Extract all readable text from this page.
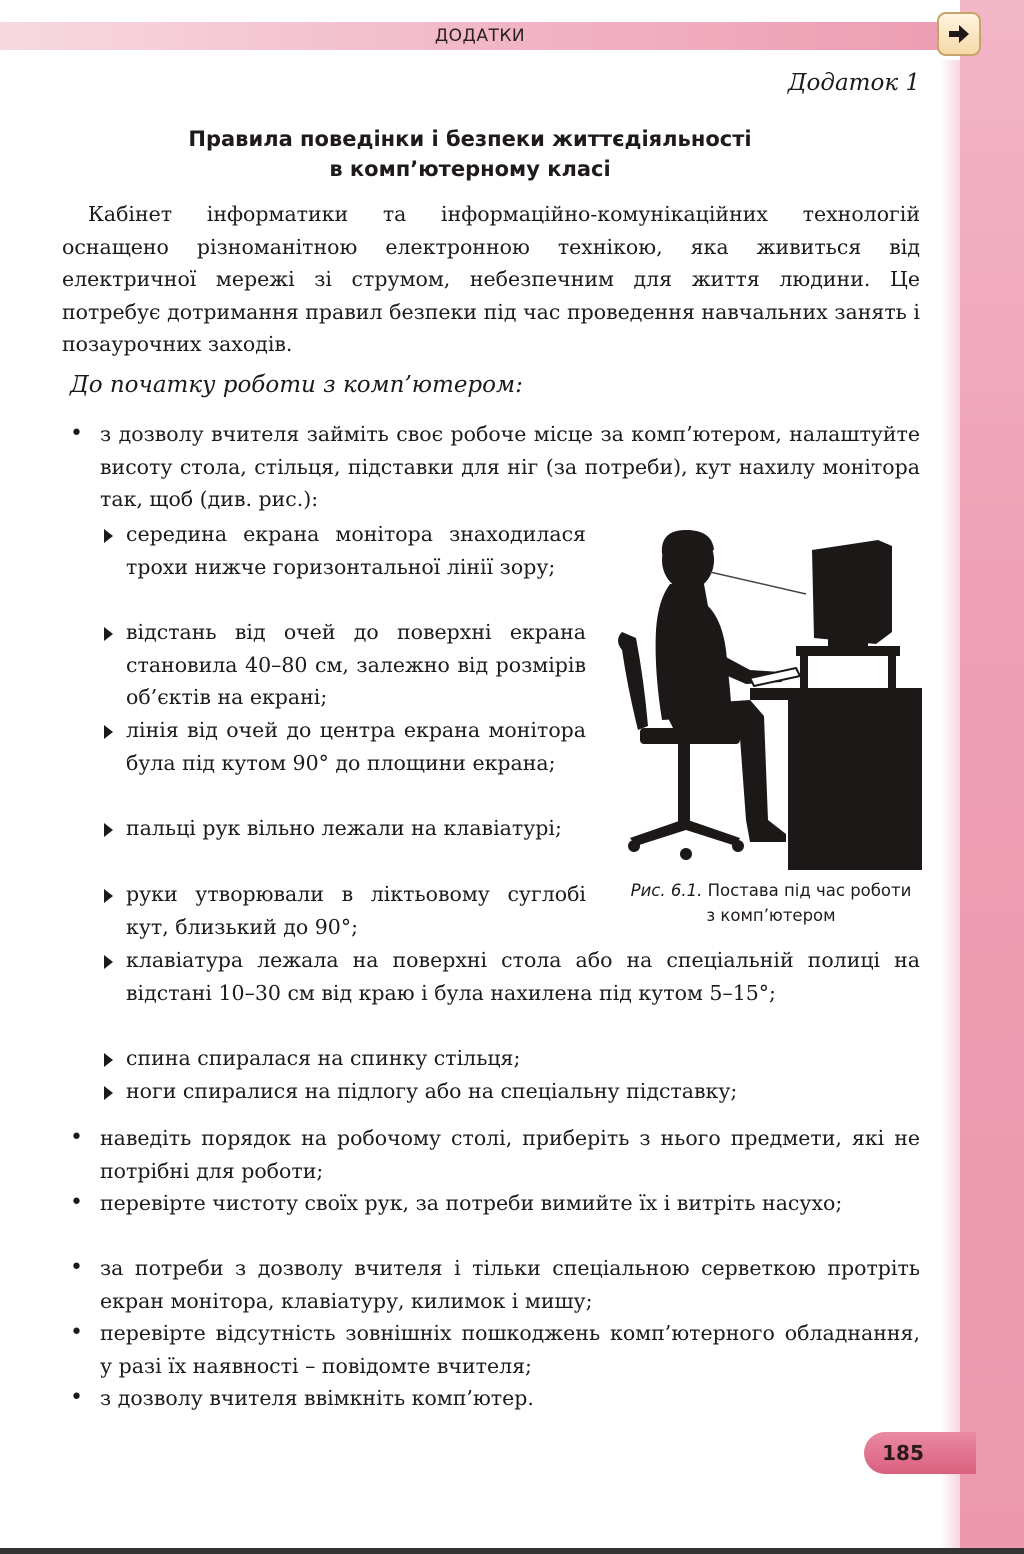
ДОДАТКИ
Додаток 1
Правила поведінки і безпеки життєдіяльності
в комп’ютерному класі
Кабінет інформатики та інформаційно-комунікаційних технологій оснащено різноманітною електронною технікою, яка живиться від електричної мережі зі струмом, небезпечним для життя людини. Це потребує дотримання правил безпеки під час проведення навчальних занять і позаурочних заходів.
До початку роботи з комп’ютером:
• з дозволу вчителя займіть своє робоче місце за комп’ютером, налаштуйте висоту стола, стільця, підставки для ніг (за потреби), кут нахилу монітора так, щоб (див. рис.):
середина екрана монітора знаходилася трохи нижче горизонтальної лінії зору;
відстань від очей до поверхні екрана становила 40–80 см, залежно від розмірів об’єктів на екрані;
лінія від очей до центра екрана монітора була під кутом 90° до площини екрана;
пальці рук вільно лежали на клавіатурі;
руки утворювали в ліктьовому суглобі кут, близький до 90°;
клавіатура лежала на поверхні стола або на спеціальній полиці на відстані 10–30 см від краю і була нахилена під кутом 5–15°;
спина спиралася на спинку стільця;
ноги спиралися на підлогу або на спеціальну підставку;
• наведіть порядок на робочому столі, приберіть з нього предмети, які не потрібні для роботи;
• перевірте чистоту своїх рук, за потреби вимийте їх і витріть насухо;
• за потреби з дозволу вчителя і тільки спеціальною серветкою протріть екран монітора, клавіатуру, килимок і мишу;
• перевірте відсутність зовнішніх пошкоджень комп’ютерного обладнання, у разі їх наявності – повідомте вчителя;
• з дозволу вчителя ввімкніть комп’ютер.
Рис. 6.1. Постава під час роботи з комп’ютером
185
